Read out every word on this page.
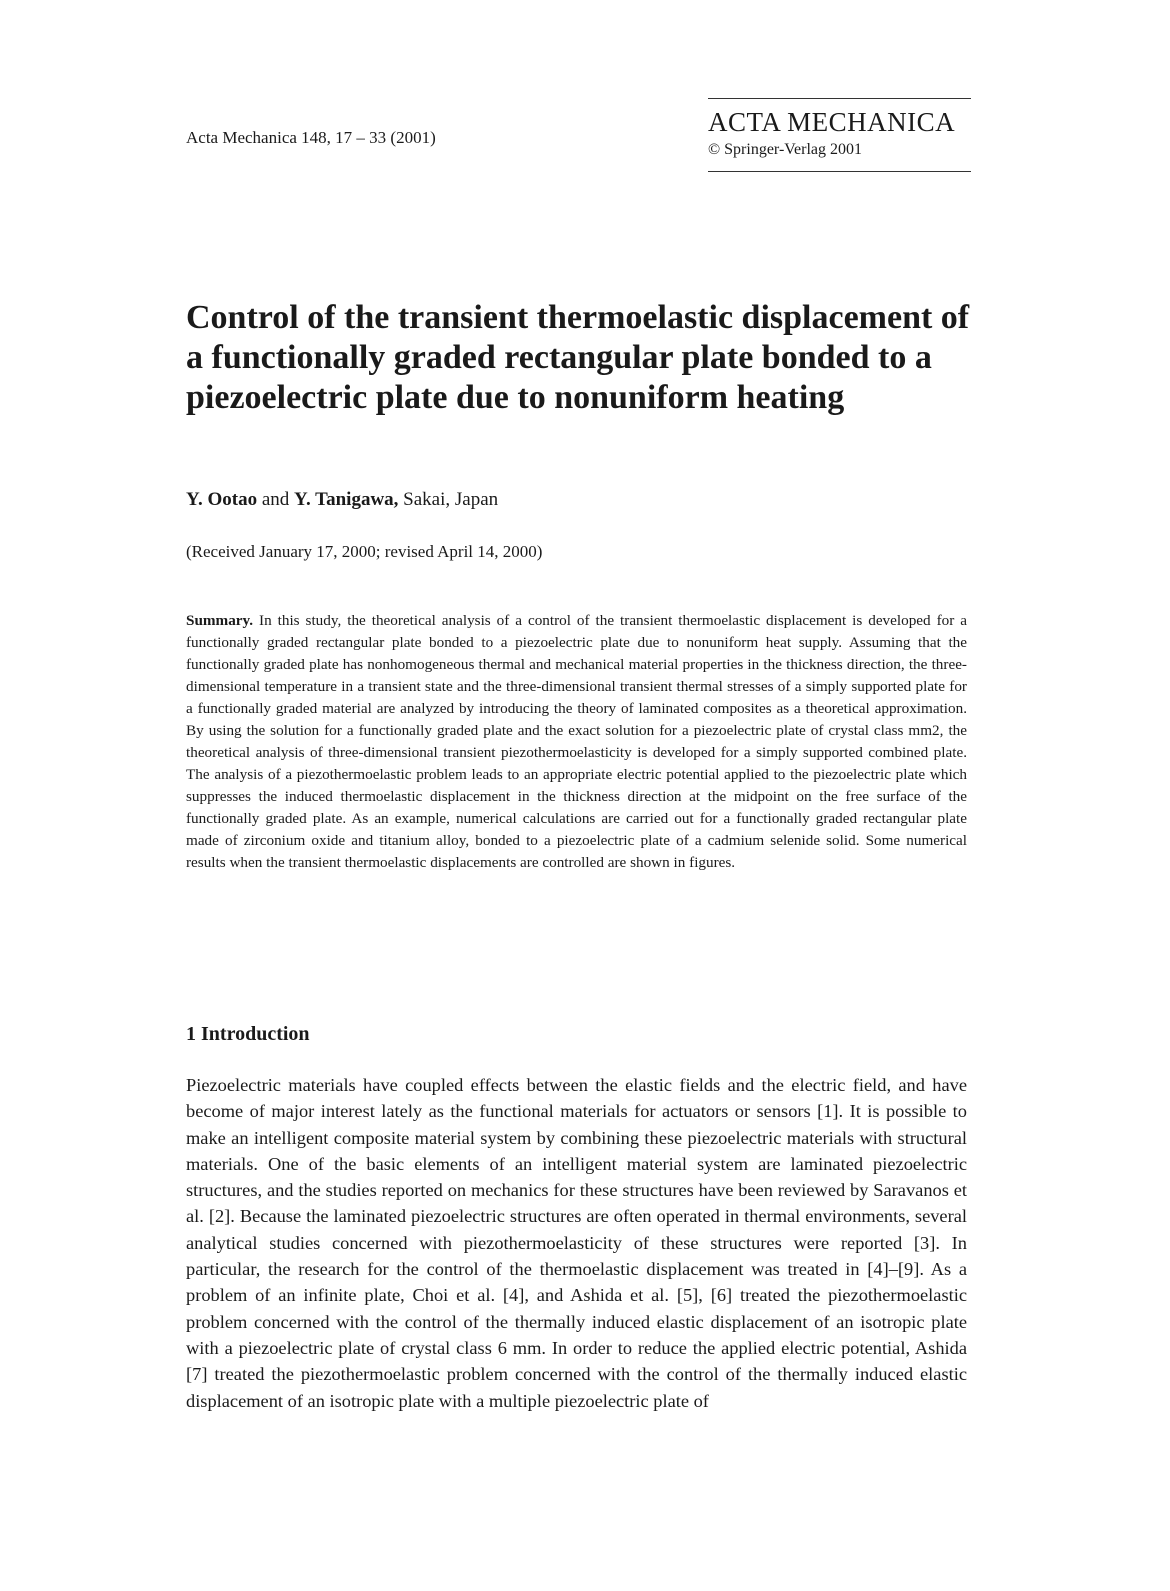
Acta Mechanica 148, 17 – 33 (2001)
ACTA MECHANICA
© Springer-Verlag 2001
Control of the transient thermoelastic displacement of a functionally graded rectangular plate bonded to a piezoelectric plate due to nonuniform heating
Y. Ootao and Y. Tanigawa, Sakai, Japan
(Received January 17, 2000; revised April 14, 2000)
Summary. In this study, the theoretical analysis of a control of the transient thermoelastic displacement is developed for a functionally graded rectangular plate bonded to a piezoelectric plate due to nonuniform heat supply. Assuming that the functionally graded plate has nonhomogeneous thermal and mechanical material properties in the thickness direction, the three-dimensional temperature in a transient state and the three-dimensional transient thermal stresses of a simply supported plate for a functionally graded material are analyzed by introducing the theory of laminated composites as a theoretical approximation. By using the solution for a functionally graded plate and the exact solution for a piezoelectric plate of crystal class mm2, the theoretical analysis of three-dimensional transient piezothermoelasticity is developed for a simply supported combined plate. The analysis of a piezothermoelastic problem leads to an appropriate electric potential applied to the piezoelectric plate which suppresses the induced thermoelastic displacement in the thickness direction at the midpoint on the free surface of the functionally graded plate. As an example, numerical calculations are carried out for a functionally graded rectangular plate made of zirconium oxide and titanium alloy, bonded to a piezoelectric plate of a cadmium selenide solid. Some numerical results when the transient thermoelastic displacements are controlled are shown in figures.
1 Introduction
Piezoelectric materials have coupled effects between the elastic fields and the electric field, and have become of major interest lately as the functional materials for actuators or sensors [1]. It is possible to make an intelligent composite material system by combining these piezoelectric materials with structural materials. One of the basic elements of an intelligent material system are laminated piezoelectric structures, and the studies reported on mechanics for these structures have been reviewed by Saravanos et al. [2]. Because the laminated piezoelectric structures are often operated in thermal environments, several analytical studies concerned with piezothermoelasticity of these structures were reported [3]. In particular, the research for the control of the thermoelastic displacement was treated in [4]–[9]. As a problem of an infinite plate, Choi et al. [4], and Ashida et al. [5], [6] treated the piezothermoelastic problem concerned with the control of the thermally induced elastic displacement of an isotropic plate with a piezoelectric plate of crystal class 6 mm. In order to reduce the applied electric potential, Ashida [7] treated the piezothermoelastic problem concerned with the control of the thermally induced elastic displacement of an isotropic plate with a multiple piezoelectric plate of
